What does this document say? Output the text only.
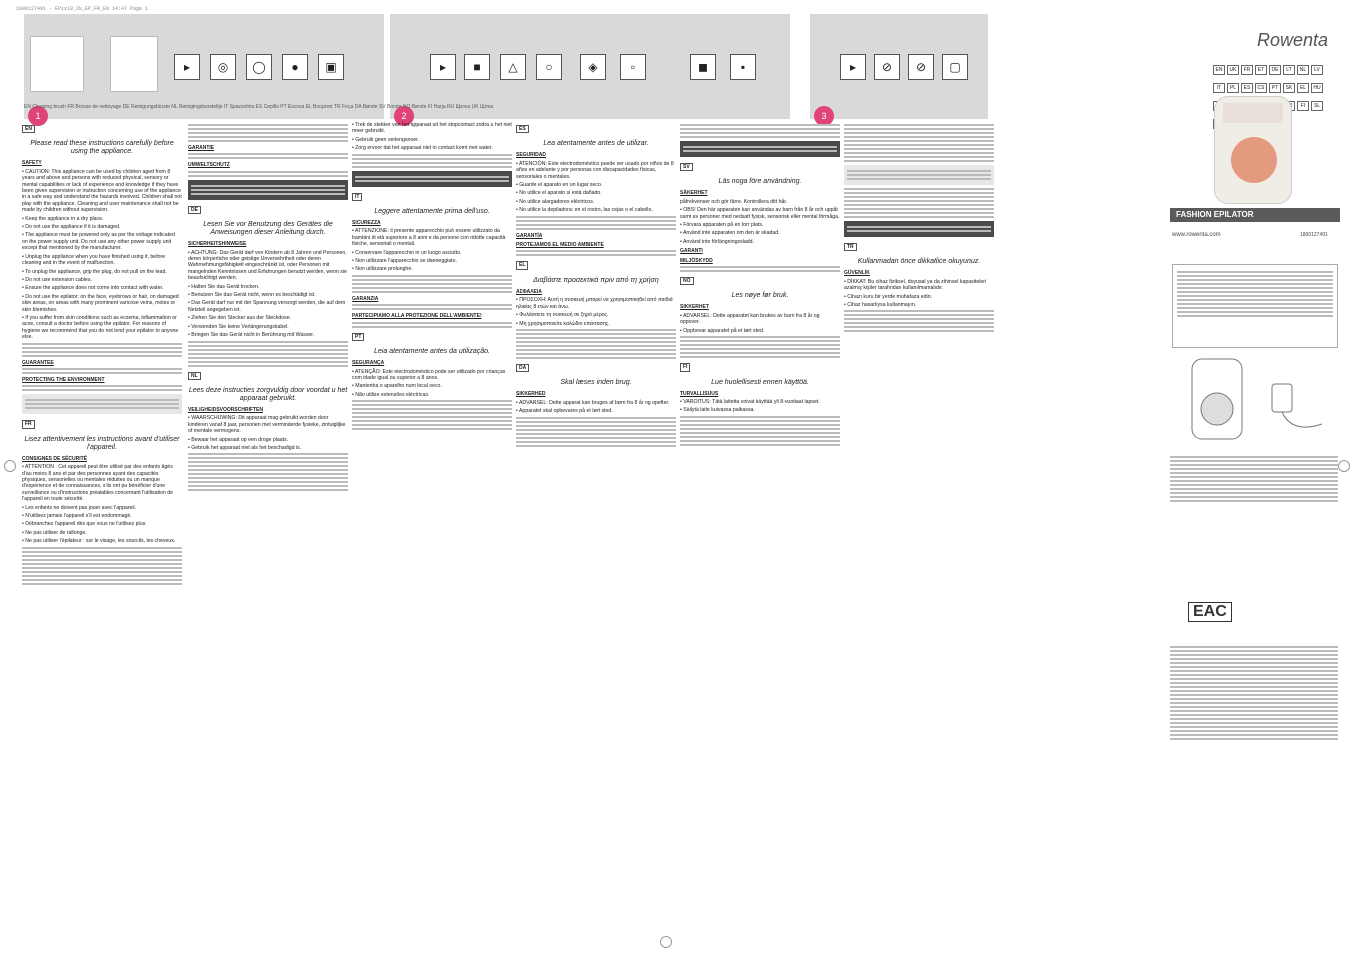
1800127491 - EP1x10_2k_EP_FR_EN 14:47 Page 1
▸	◎	◯	●	▣
1
▸	■	△	○	◈	▫	◼	▪
2
▸	⊘	⊘	▢
3
EN Cleaning brush FR Brosse de nettoyage DE Reinigungsbürste NL Reinigingsborsteltje IT Spazzolina ES Cepillo PT Escova EL Βούρτσα TR Fırça DA Børste SV Borste NO Børste FI Harja RU Щетка UK Щітка
EN
Please read these instructions carefully before using the appliance.
SAFETY

• CAUTION: This appliance can be used by children aged from 8 years and above and persons with reduced physical, sensory or mental capabilities or lack of experience and knowledge if they have been given supervision or instruction concerning use of the appliance in a safe way and understand the hazards involved. Children shall not play with the appliance. Cleaning and user maintenance shall not be made by children without supervision.

• Keep the appliance in a dry place.

• Do not use the appliance if it is damaged.

• The appliance must be powered only as per the voltage indicated on the power supply unit. Do not use any other power supply unit except that mentioned by the manufacturer.

• Unplug the appliance when you have finished using it, before cleaning and in the event of malfunction.

• To unplug the appliance, grip the plug, do not pull on the lead.

• Do not use extension cables.

• Ensure the appliance does not come into contact with water.

• Do not use the epilator: on the face, eyebrows or hair, on damaged skin areas, on areas with many prominent varicose veins, moles or skin blemishes.

• If you suffer from skin conditions such as eczema, inflammation or acne, consult a doctor before using the epilator. For reasons of hygiene we recommend that you do not lend your epilator to anyone else.

GUARANTEE
PROTECTING THE ENVIRONMENT
FR
Lisez attentivement les instructions avant d'utiliser l'appareil.
CONSIGNES DE SÉCURITÉ

• ATTENTION : Cet appareil peut être utilisé par des enfants âgés d'au moins 8 ans et par des personnes ayant des capacités physiques, sensorielles ou mentales réduites ou un manque d'expérience et de connaissances, s'ils ont pu bénéficier d'une surveillance ou d'instructions préalables concernant l'utilisation de l'appareil en toute sécurité.

• Les enfants ne doivent pas jouer avec l'appareil.

• N'utilisez jamais l'appareil s'il est endommagé.

• Débranchez l'appareil dès que vous ne l'utilisez plus.

• Ne pas utiliser de rallonge.

• Ne pas utiliser l'épilateur : sur le visage, les sourcils, les cheveux.

GARANTIE
UMWELTSCHUTZ
DE
Lesen Sie vor Benutzung des Gerätes die Anweisungen dieser Anleitung durch.
SICHERHEITSHINWEISE

• ACHTUNG: Das Gerät darf von Kindern ab 8 Jahren und Personen, deren körperliche oder geistige Unversehrtheit oder deren Wahrnehmungsfähigkeit eingeschränkt ist, oder Personen mit mangelnden Kenntnissen und Erfahrungen benutzt werden, wenn sie beaufsichtigt werden.

• Halten Sie das Gerät trocken.

• Benutzen Sie das Gerät nicht, wenn es beschädigt ist.

• Das Gerät darf nur mit der Spannung versorgt werden, die auf dem Netzteil angegeben ist.

• Ziehen Sie den Stecker aus der Steckdose.

• Verwenden Sie keine Verlängerungskabel.

• Bringen Sie das Gerät nicht in Berührung mit Wasser.

NL
Lees deze instructies zorgvuldig door voordat u het apparaat gebruikt.
VEILIGHEIDSVOORSCHRIFTEN

• WAARSCHUWING: Dit apparaat mag gebruikt worden door kinderen vanaf 8 jaar, personen met verminderde fysieke, zintuiglijke of mentale vermogens.

• Bewaar het apparaat op een droge plaats.

• Gebruik het apparaat niet als het beschadigd is.

• Trek de stekker van het apparaat uit het stopcontact zodra u het niet meer gebruikt.

• Gebruik geen verlengsnoer.

• Zorg ervoor dat het apparaat niet in contact komt met water.

IT
Leggere attentamente prima dell'uso.
SICUREZZA

• ATTENZIONE: il presente apparecchio può essere utilizzato da bambini di età superiore a 8 anni e da persone con ridotte capacità fisiche, sensoriali o mentali.

• Conservare l'apparecchio in un luogo asciutto.

• Non utilizzare l'apparecchio se danneggiato.

• Non utilizzare prolunghe.

GARANZIA
PARTECIPIAMO ALLA PROTEZIONE DELL'AMBIENTE!
PT
Leia atentamente antes da utilização.
SEGURANÇA

• ATENÇÃO: Este electrodoméstico pode ser utilizado por crianças com idade igual ou superior a 8 anos.

• Mantenha o aparelho num local seco.

• Não utilize extensões eléctricas.

ES
Lea atentamente antes de utilizar.
SEGURIDAD

• ATENCIÓN: Este electrodoméstico puede ser usado por niños de 8 años en adelante y por personas con discapacidades físicas, sensoriales o mentales.

• Guarde el aparato en un lugar seco.

• No utilice el aparato si está dañado.

• No utilice alargadores eléctricos.

• No utilice la depiladora: en el rostro, las cejas o el cabello.

GARANTÍA
PROTEJAMOS EL MEDIO AMBIENTE
EL
Διαβάστε προσεκτικά πριν από τη χρήση
ΑΣΦΑΛΕΙΑ

• ΠΡΟΣΟΧΗ: Αυτή η συσκευή μπορεί να χρησιμοποιηθεί από παιδιά ηλικίας 8 ετών και άνω.

• Φυλάσσετε τη συσκευή σε ξηρό μέρος.

• Μη χρησιμοποιείτε καλώδιο επέκτασης.

DA
Skal læses inden brug.
SIKKERHED

• ADVARSEL: Dette apparat kan bruges af børn fra 8 år og opefter.

• Apparatet skal opbevares på et tørt sted.

SV
Läs noga före användning.
SÄKERHET

påfrekvenser och gör färre. Kontrollera ditt hår.

• OBS! Den här apparaten kan användas av barn från 8 år och uppåt samt av personer med nedsatt fysisk, sensorisk eller mental förmåga.

• Förvara apparaten på en torr plats.

• Använd inte apparaten om den är skadad.

• Använd inte förlängningssladd.

GARANTI
MILJÖSKYDD
NO
Les nøye før bruk.
SIKKERHET

• ADVARSEL: Dette apparatet kan brukes av barn fra 8 år og oppover.

• Oppbevar apparatet på et tørt sted.

FI
Lue huolellisesti ennen käyttöä.
TURVALLISUUS

• VAROITUS: Tätä laitetta voivat käyttää yli 8-vuotiaat lapset.

• Säilytä laite kuivassa paikassa.

TR
Kullanmadan önce dikkatlice okuyunuz.
GÜVENLİK

• DİKKAT: Bu cihaz fiziksel, duyusal ya da zihinsel kapasiteleri azalmış kişiler tarafından kullanılmamalıdır.

• Cihazı kuru bir yerde muhafaza edin.

• Cihaz hasarlıysa kullanmayın.

Rowenta
EN UK FR ET DE LT NL LVIT PL ES CS PT SK EL HUFI SL
FASHION EPILATOR
www.rowenta.com	1800127491
EAC
